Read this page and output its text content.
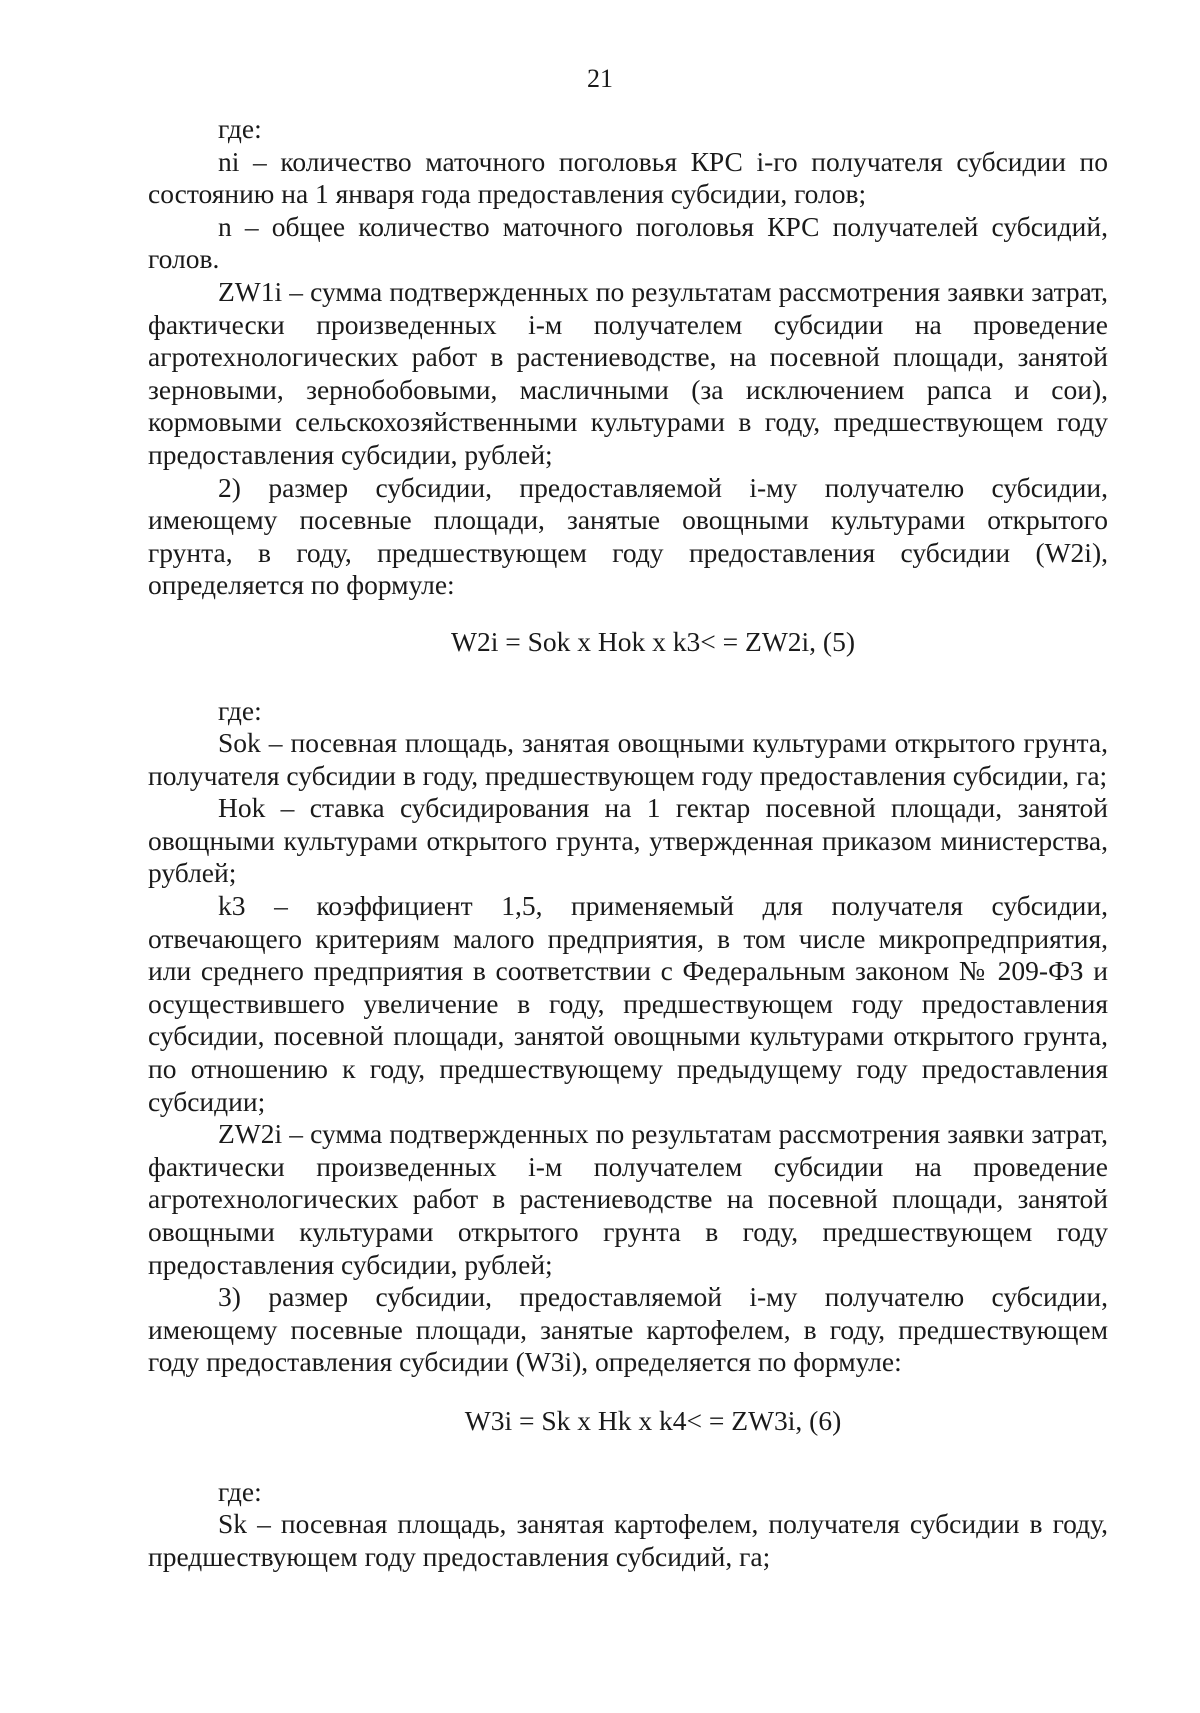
21

где:

ni – количество маточного поголовья КРС i-го получателя субсидии по состоянию на 1 января года предоставления субсидии, голов;

n – общее количество маточного поголовья КРС получателей субсидий, голов.

ZW1i – сумма подтвержденных по результатам рассмотрения заявки затрат, фактически произведенных i-м получателем субсидии на проведение агротехнологических работ в растениеводстве, на посевной площади, занятой зерновыми, зернобобовыми, масличными (за исключением рапса и сои), кормовыми сельскохозяйственными культурами в году, предшествующем году предоставления субсидии, рублей;

2) размер субсидии, предоставляемой i-му получателю субсидии, имеющему посевные площади, занятые овощными культурами открытого грунта, в году, предшествующем году предоставления субсидии (W2i), определяется по формуле:

W2i = Sok x Hok x k3< = ZW2i, (5)

где:

Sok – посевная площадь, занятая овощными культурами открытого грунта, получателя субсидии в году, предшествующем году предоставления субсидии, га;

Hok – ставка субсидирования на 1 гектар посевной площади, занятой овощными культурами открытого грунта, утвержденная приказом министерства, рублей;

k3 – коэффициент 1,5, применяемый для получателя субсидии, отвечающего критериям малого предприятия, в том числе микропредприятия, или среднего предприятия в соответствии с Федеральным законом № 209-ФЗ и осуществившего увеличение в году, предшествующем году предоставления субсидии, посевной площади, занятой овощными культурами открытого грунта, по отношению к году, предшествующему предыдущему году предоставления субсидии;

ZW2i – сумма подтвержденных по результатам рассмотрения заявки затрат, фактически произведенных i-м получателем субсидии на проведение агротехнологических работ в растениеводстве на посевной площади, занятой овощными культурами открытого грунта в году, предшествующем году предоставления субсидии, рублей;

3) размер субсидии, предоставляемой i-му получателю субсидии, имеющему посевные площади, занятые картофелем, в году, предшествующем году предоставления субсидии (W3i), определяется по формуле:

W3i = Sk x Hk x k4< = ZW3i, (6)

где:

Sk – посевная площадь, занятая картофелем, получателя субсидии в году, предшествующем году предоставления субсидий, га;
